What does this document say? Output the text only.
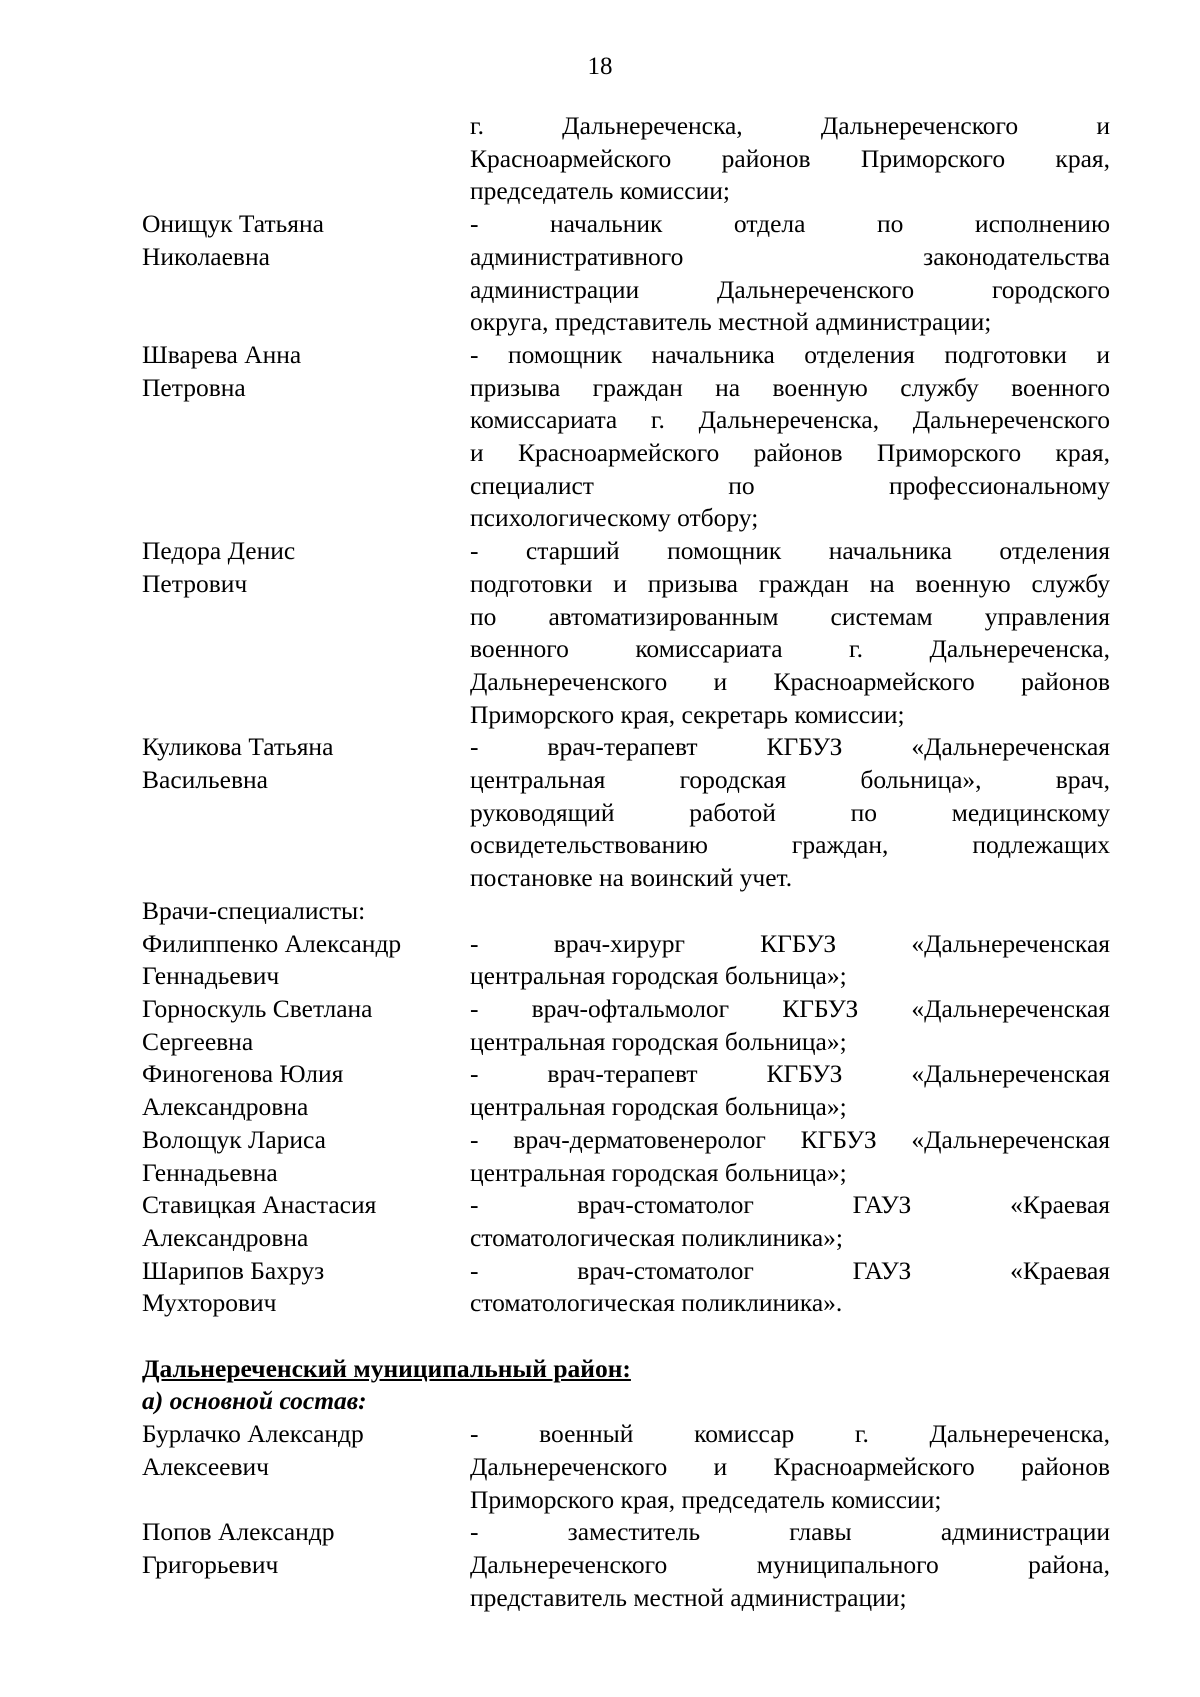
18
г. Дальнереченска, Дальнереченского и
Красноармейского районов Приморского края,
председатель комиссии;
Онищук Татьяна
Николаевна
- начальник отдела по исполнению
административного законодательства
администрации Дальнереченского городского
округа, представитель местной администрации;
Шварева Анна
Петровна
- помощник начальника отделения подготовки и
призыва граждан на военную службу военного
комиссариата г. Дальнереченска, Дальнереченского
и Красноармейского районов Приморского края,
специалист по профессиональному
психологическому отбору;
Педора Денис
Петрович
- старший помощник начальника отделения
подготовки и призыва граждан на военную службу
по автоматизированным системам управления
военного комиссариата г. Дальнереченска,
Дальнереченского и Красноармейского районов
Приморского края, секретарь комиссии;
Куликова Татьяна
Васильевна
- врач-терапевт КГБУЗ «Дальнереченская
центральная городская больница», врач,
руководящий работой по медицинскому
освидетельствованию граждан, подлежащих
постановке на воинский учет.
Врачи-специалисты:
Филиппенко Александр
Геннадьевич
- врач-хирург КГБУЗ «Дальнереченская
центральная городская больница»;
Горноскуль Светлана
Сергеевна
- врач-офтальмолог КГБУЗ «Дальнереченская
центральная городская больница»;
Финогенова Юлия
Александровна
- врач-терапевт КГБУЗ «Дальнереченская
центральная городская больница»;
Волощук Лариса
Геннадьевна
- врач-дерматовенеролог КГБУЗ «Дальнереченская
центральная городская больница»;
Ставицкая Анастасия
Александровна
- врач-стоматолог ГАУЗ «Краевая
стоматологическая поликлиника»;
Шарипов Бахруз
Мухторович
- врач-стоматолог ГАУЗ «Краевая
стоматологическая поликлиника».
Дальнереченский муниципальный район:
а) основной состав:
Бурлачко Александр
Алексеевич
- военный комиссар г. Дальнереченска,
Дальнереченского и Красноармейского районов
Приморского края, председатель комиссии;
Попов Александр
Григорьевич
- заместитель главы администрации
Дальнереченского муниципального района,
представитель местной администрации;
